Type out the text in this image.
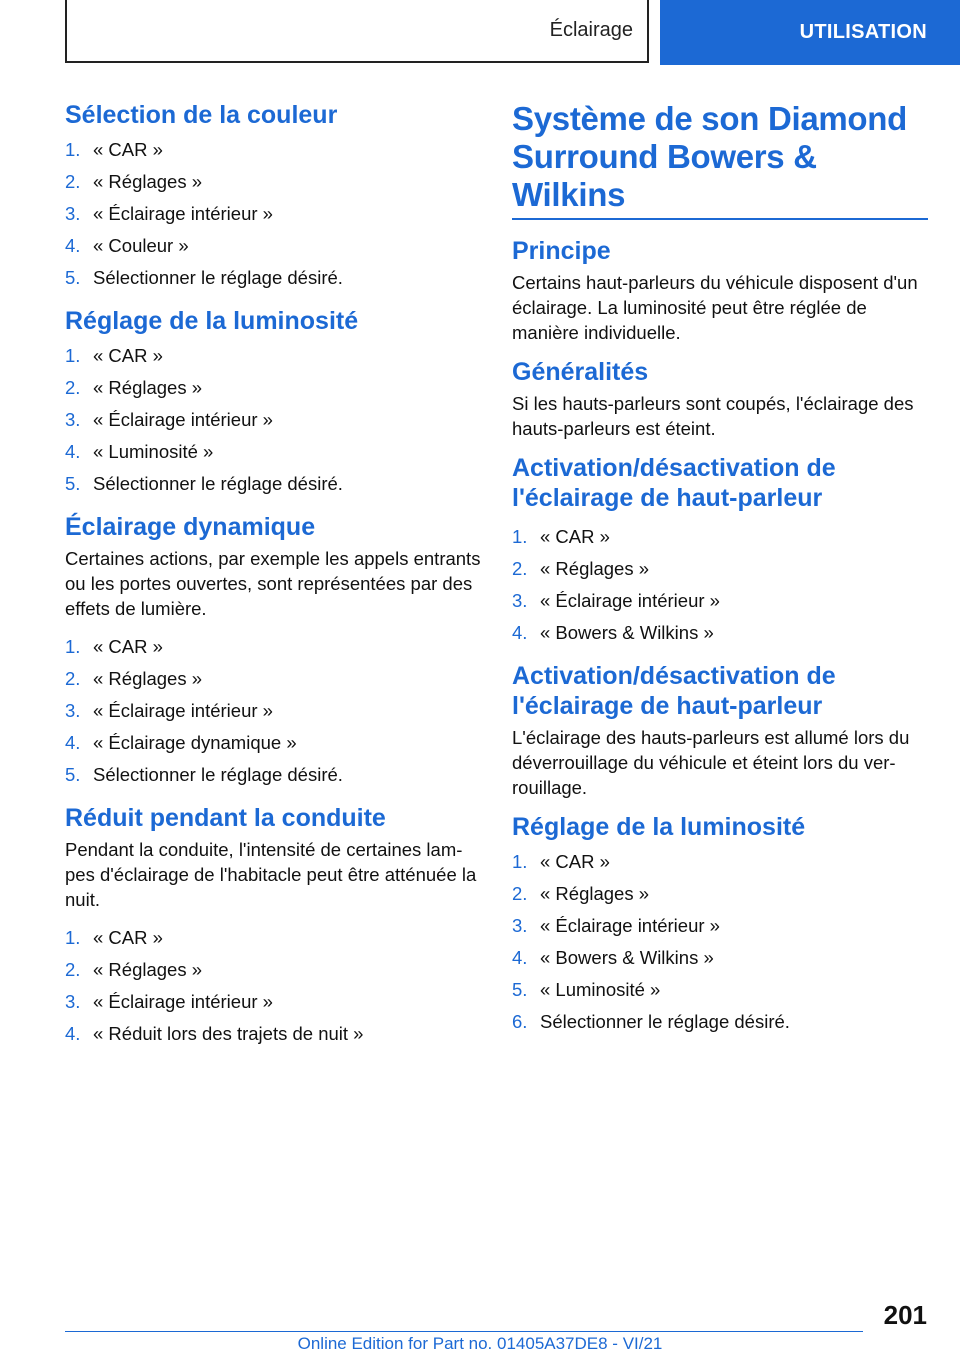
Éclairage	UTILISATION
Sélection de la couleur
1. « CAR »
2. « Réglages »
3. « Éclairage intérieur »
4. « Couleur »
5. Sélectionner le réglage désiré.
Réglage de la luminosité
1. « CAR »
2. « Réglages »
3. « Éclairage intérieur »
4. « Luminosité »
5. Sélectionner le réglage désiré.
Éclairage dynamique

Certaines actions, par exemple les appels entrants ou les portes ouvertes, sont représentées par des effets de lumière.

1. « CAR »
2. « Réglages »
3. « Éclairage intérieur »
4. « Éclairage dynamique »
5. Sélectionner le réglage désiré.
Réduit pendant la conduite

Pendant la conduite, l'intensité de certaines lampes d'éclairage de l'habitacle peut être atténuée la nuit.

1. « CAR »
2. « Réglages »
3. « Éclairage intérieur »
4. « Réduit lors des trajets de nuit »
Système de son Diamond Surround Bowers & Wilkins
Principe

Certains haut-parleurs du véhicule disposent d'un éclairage. La luminosité peut être réglée de manière individuelle.

Généralités

Si les hauts-parleurs sont coupés, l'éclairage des hauts-parleurs est éteint.

Activation/désactivation de l'éclairage de haut-parleur
1. « CAR »
2. « Réglages »
3. « Éclairage intérieur »
4. « Bowers & Wilkins »
Activation/désactivation de l'éclairage de haut-parleur

L'éclairage des hauts-parleurs est allumé lors du déverrouillage du véhicule et éteint lors du verrouillage.

Réglage de la luminosité
1. « CAR »
2. « Réglages »
3. « Éclairage intérieur »
4. « Bowers & Wilkins »
5. « Luminosité »
6. Sélectionner le réglage désiré.
201
Online Edition for Part no. 01405A37DE8 - VI/21
